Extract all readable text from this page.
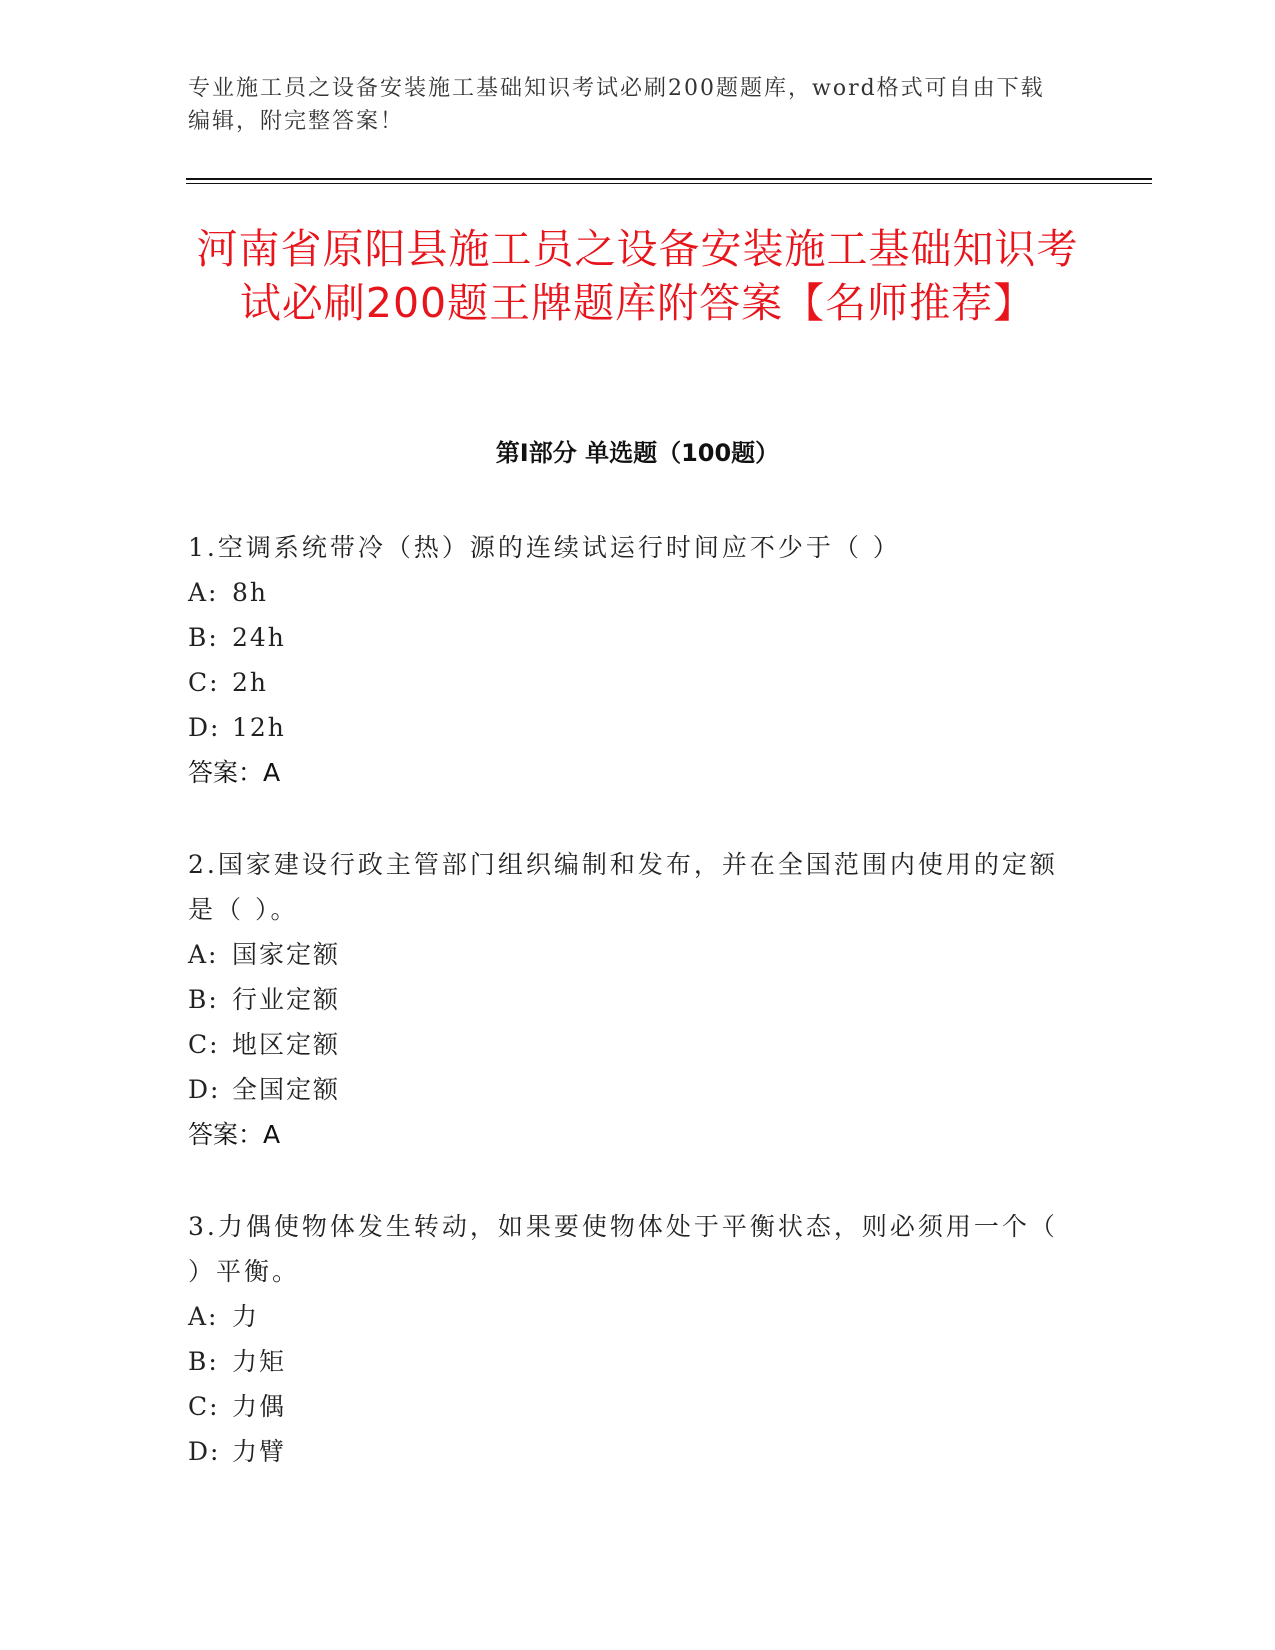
专业施工员之设备安装施工基础知识考试必刷200题题库，word格式可自由下载编辑，附完整答案！
河南省原阳县施工员之设备安装施工基础知识考试必刷200题王牌题库附答案【名师推荐】
第Ⅰ部分 单选题（100题）
1.空调系统带冷（热）源的连续试运行时间应不少于（ ）
A: 8h
B: 24h
C: 2h
D: 12h
答案：A
2.国家建设行政主管部门组织编制和发布，并在全国范围内使用的定额是（ ）。
A: 国家定额
B: 行业定额
C: 地区定额
D: 全国定额
答案：A
3.力偶使物体发生转动，如果要使物体处于平衡状态，则必须用一个（ ）平衡。
A: 力
B: 力矩
C: 力偶
D: 力臂
